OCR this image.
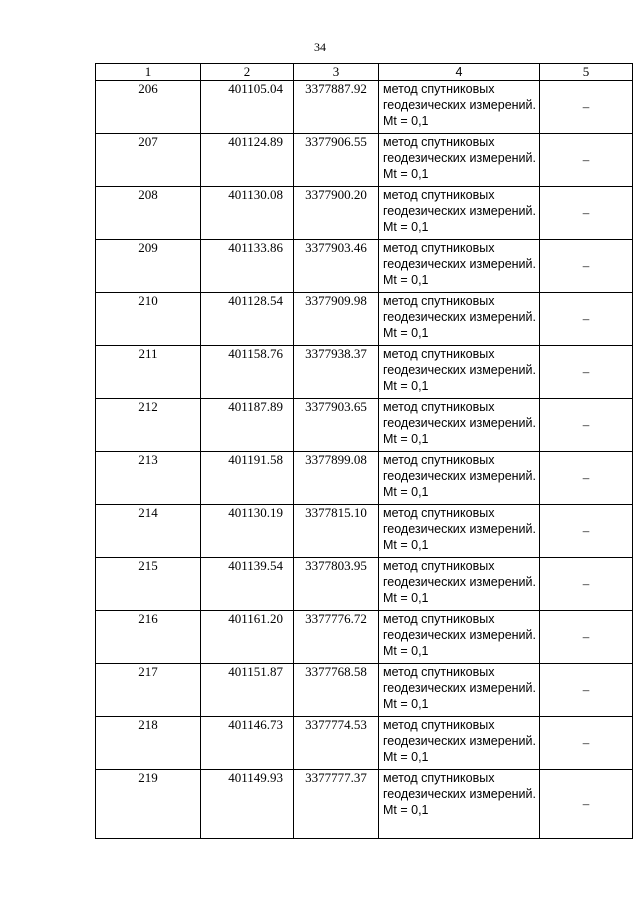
34
1	2	3	4	5
206	401105.04	3377887.92	метод спутниковых геодезических измерений. Mt = 0,1	–
207	401124.89	3377906.55	метод спутниковых геодезических измерений. Mt = 0,1	–
208	401130.08	3377900.20	метод спутниковых геодезических измерений. Mt = 0,1	–
209	401133.86	3377903.46	метод спутниковых геодезических измерений. Mt = 0,1	–
210	401128.54	3377909.98	метод спутниковых геодезических измерений. Mt = 0,1	–
211	401158.76	3377938.37	метод спутниковых геодезических измерений. Mt = 0,1	–
212	401187.89	3377903.65	метод спутниковых геодезических измерений. Mt = 0,1	–
213	401191.58	3377899.08	метод спутниковых геодезических измерений. Mt = 0,1	–
214	401130.19	3377815.10	метод спутниковых геодезических измерений. Mt = 0,1	–
215	401139.54	3377803.95	метод спутниковых геодезических измерений. Mt = 0,1	–
216	401161.20	3377776.72	метод спутниковых геодезических измерений. Mt = 0,1	–
217	401151.87	3377768.58	метод спутниковых геодезических измерений. Mt = 0,1	–
218	401146.73	3377774.53	метод спутниковых геодезических измерений. Mt = 0,1	–
219	401149.93	3377777.37	метод спутниковых геодезических измерений. Mt = 0,1	–
